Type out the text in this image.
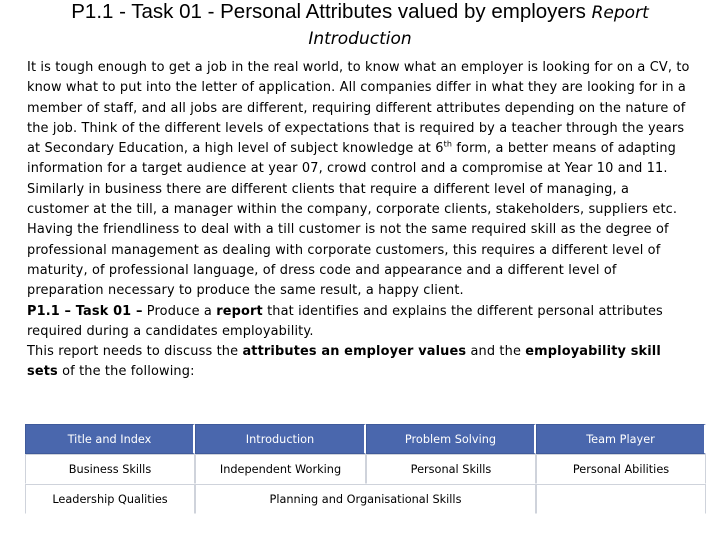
P1.1 - Task 01 - Personal Attributes valued by employers Report
Introduction

It is tough enough to get a job in the real world, to know what an employer is looking for on a CV, to know what to put into the letter of application. All companies differ in what they are looking for in a member of staff, and all jobs are different, requiring different attributes depending on the nature of the job. Think of the different levels of expectations that is required by a teacher through the years at Secondary Education, a high level of subject knowledge at 6th form, a better means of adapting information for a target audience at year 07, crowd control and a compromise at Year 10 and 11.

Similarly in business there are different clients that require a different level of managing, a customer at the till, a manager within the company, corporate clients, stakeholders, suppliers etc. Having the friendliness to deal with a till customer is not the same required skill as the degree of professional management as dealing with corporate customers, this requires a different level of maturity, of professional language, of dress code and appearance and a different level of preparation necessary to produce the same result, a happy client.

P1.1 – Task 01 – Produce a report that identifies and explains the different personal attributes required during a candidates employability.

This report needs to discuss the attributes an employer values and the employability skill sets of the the following:

Title and Index	Introduction	Problem Solving	Team Player
Business Skills	Independent Working	Personal Skills	Personal Abilities
Leadership Qualities	Planning and Organisational Skills		
